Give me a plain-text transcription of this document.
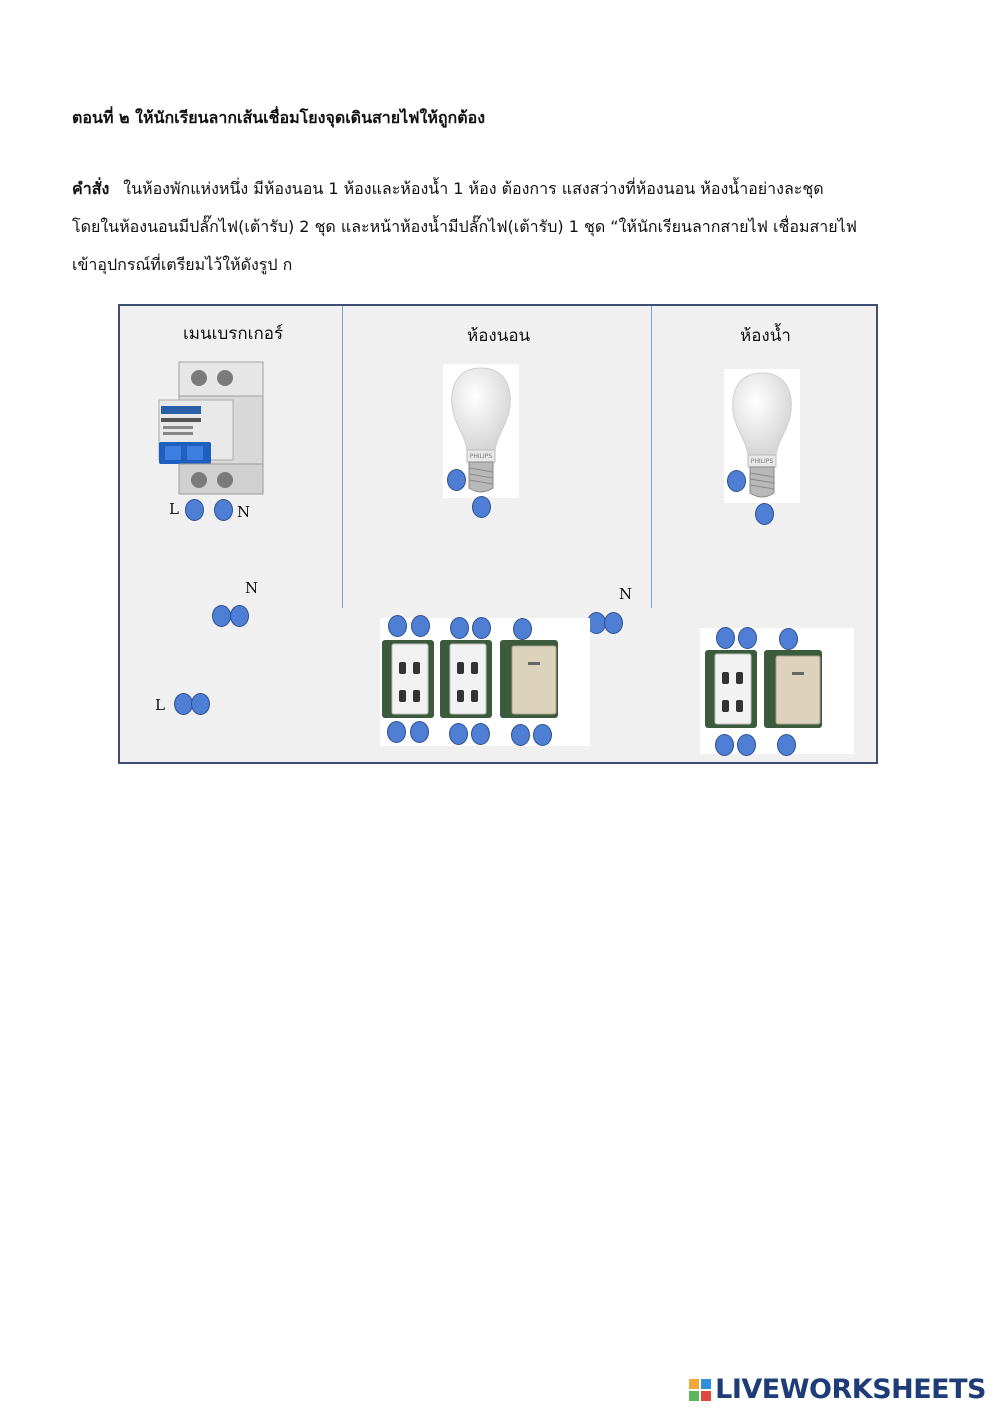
ตอนที่ ๒ ให้นักเรียนลากเส้นเชื่อมโยงจุดเดินสายไฟให้ถูกต้อง
คำสั่ง ในห้องพักแห่งหนึ่ง มีห้องนอน 1 ห้องและห้องน้ำ 1 ห้อง ต้องการ แสงสว่างที่ห้องนอน ห้องน้ำอย่างละชุด
โดยในห้องนอนมีปลั๊กไฟ(เต้ารับ) 2 ชุด และหน้าห้องน้ำมีปลั๊กไฟ(เต้ารับ) 1 ชุด “ให้นักเรียนลากสายไฟ เชื่อมสายไฟ
เข้าอุปกรณ์ที่เตรียมไว้ให้ดังรูป ก
เมนเบรกเกอร์	ห้องนอน	ห้องน้ำ
L	N
N
L
PHILIPS
PHILIPS
N
LIVEWORKSHEETS
